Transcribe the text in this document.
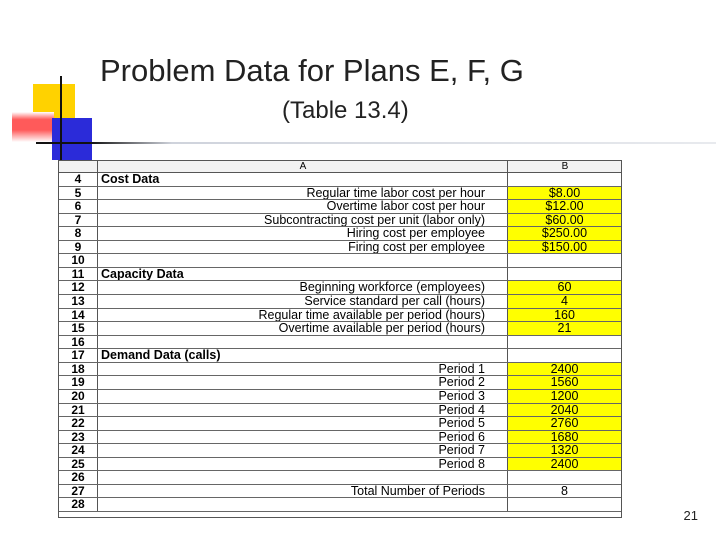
Problem Data for Plans E, F, G
(Table 13.4)
A	B
4	Cost Data
5	Regular time labor cost per hour	$8.00
6	Overtime labor cost per hour	$12.00
7	Subcontracting cost per unit (labor only)	$60.00
8	Hiring cost per employee	$250.00
9	Firing cost per employee	$150.00
10
11	Capacity Data
12	Beginning workforce (employees)	60
13	Service standard per call (hours)	4
14	Regular time available per period (hours)	160
15	Overtime available per period (hours)	21
16
17	Demand Data (calls)
18	Period 1	2400
19	Period 2	1560
20	Period 3	1200
21	Period 4	2040
22	Period 5	2760
23	Period 6	1680
24	Period 7	1320
25	Period 8	2400
26
27	Total Number of Periods	8
28
21
